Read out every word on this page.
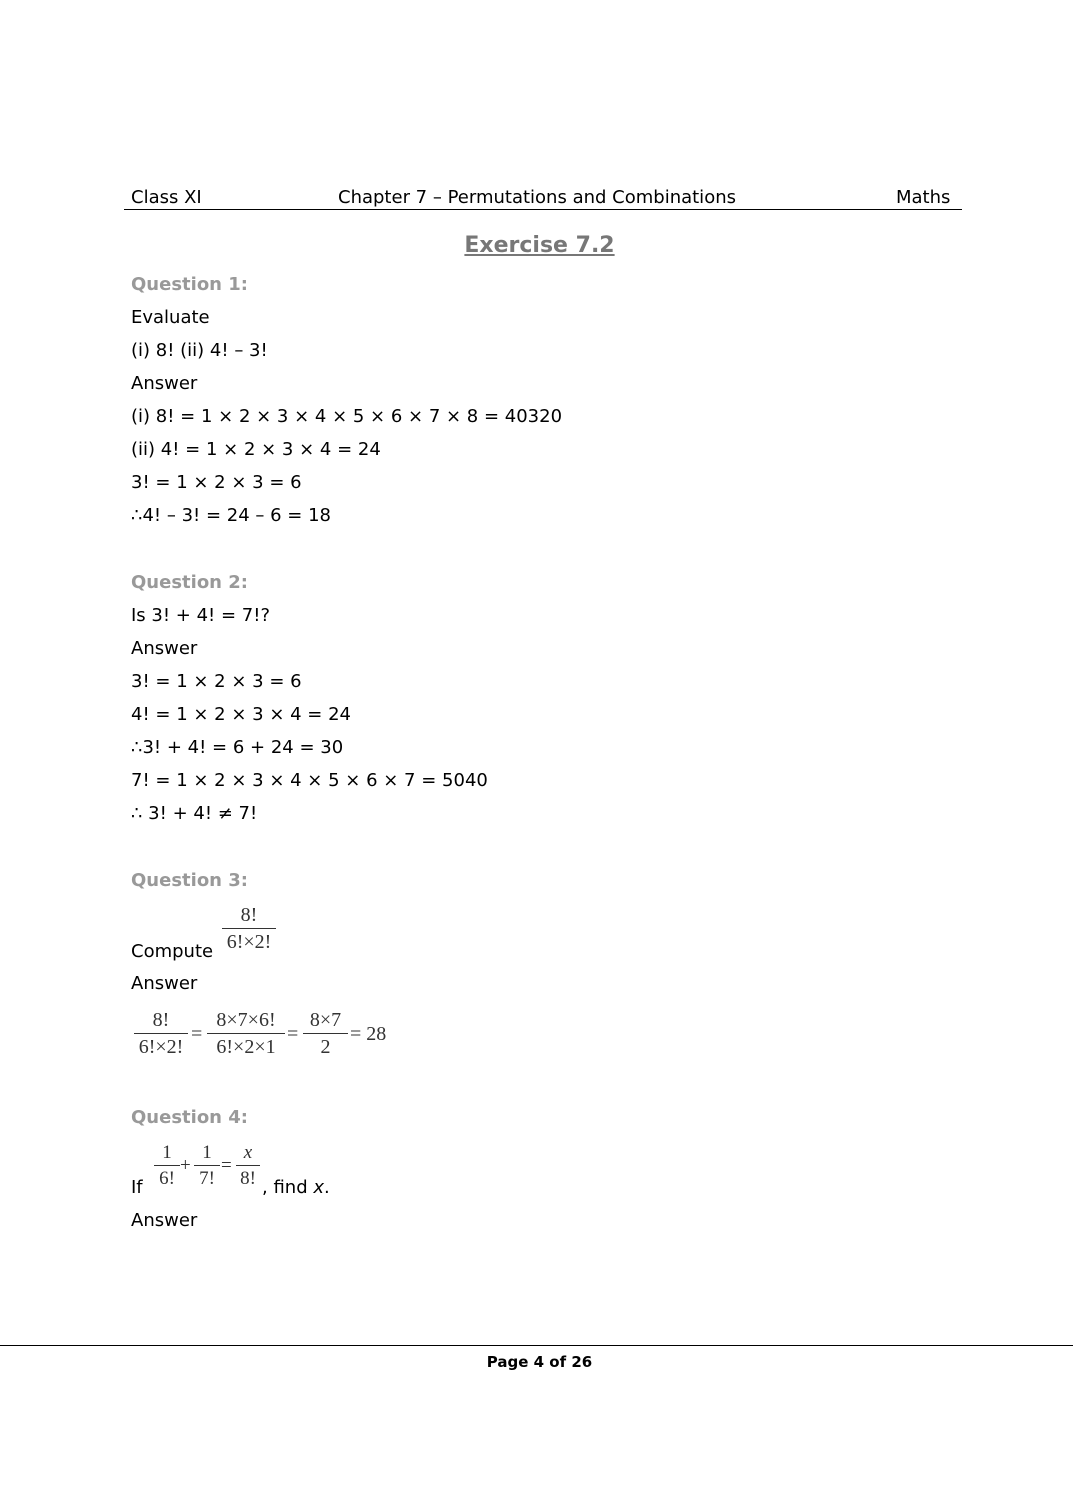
Class XI	Chapter 7 – Permutations and Combinations	Maths
Exercise 7.2
Question 1:
Evaluate
(i) 8! (ii) 4! – 3!
Answer
(i) 8! = 1 × 2 × 3 × 4 × 5 × 6 × 7 × 8 = 40320
(ii) 4! = 1 × 2 × 3 × 4 = 24
3! = 1 × 2 × 3 = 6
∴4! – 3! = 24 – 6 = 18
Question 2:
Is 3! + 4! = 7!?
Answer
3! = 1 × 2 × 3 = 6
4! = 1 × 2 × 3 × 4 = 24
∴3! + 4! = 6 + 24 = 30
7! = 1 × 2 × 3 × 4 × 5 × 6 × 7 = 5040
∴ 3! + 4! ≠ 7!
Question 3:
Compute
8!
6!×2!
Answer
8!
6!×2!
=
8×7×6!
6!×2×1
=
8×7
2
= 28
Question 4:
If
1
6!
+
1
7!
=
x
8! , find x.
Answer
Page 4 of 26
